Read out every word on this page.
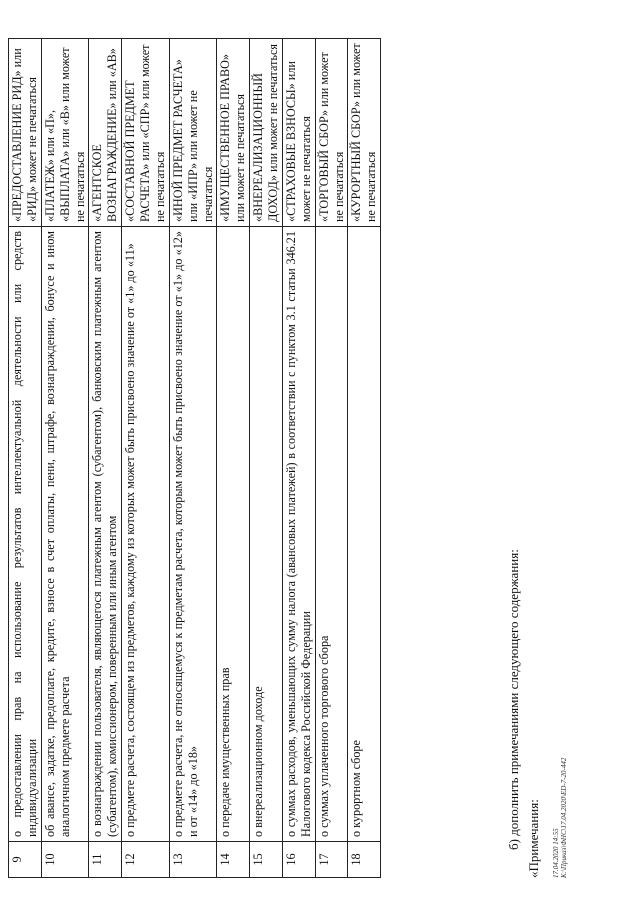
9	о предоставлении прав на использование результатов интеллектуальной деятельности или средств индивидуализации	«ПРЕДОСТАВЛЕНИЕ РИД» или «РИД» может не печататься
10	об авансе, задатке, предоплате, кредите, взносе в счет оплаты, пени, штрафе, вознаграждении, бонусе и ином аналогичном предмете расчета	«ПЛАТЕЖ» или «П», «ВЫПЛАТА» или «В» или может не печататься
11	о вознаграждении пользователя, являющегося платежным агентом (субагентом), банковским платежным агентом (субагентом), комиссионером, поверенным или иным агентом	«АГЕНТСКОЕ ВОЗНАГРАЖДЕНИЕ» или «АВ»
12	о предмете расчета, состоящем из предметов, каждому из которых может быть присвоено значение от «1» до «11»	«СОСТАВНОЙ ПРЕДМЕТ РАСЧЕТА» или «СПР» или может не печататься
13	о предмете расчета, не относящемуся к предметам расчета, которым может быть присвоено значение от «1» до «12» и от «14» до «18»	«ИНОЙ ПРЕДМЕТ РАСЧЕТА» или «ИПР» или может не печататься
14	о передаче имущественных прав	«ИМУЩЕСТВЕННОЕ ПРАВО» или может не печататься
15	о внереализационном доходе	«ВНЕРЕАЛИЗАЦИОННЫЙ ДОХОД» или может не печататься
16	о суммах расходов, уменьшающих сумму налога (авансовых платежей) в соответствии с пунктом 3.1 статьи 346.21 Налогового кодекса Российской Федерации	«СТРАХОВЫЕ ВЗНОСЫ» или может не печататься
17	о суммах уплаченного торгового сбора	«ТОРГОВЫЙ СБОР» или может не печататься
18	о курортном сборе	«КУРОРТНЫЙ СБОР» или может не печататься

б) дополнить примечаниями следующего содержания: «Примечания: 17.04.2020 14:55 К:\Приказ\ФНС\17.04.2020\ED-7-20-442
